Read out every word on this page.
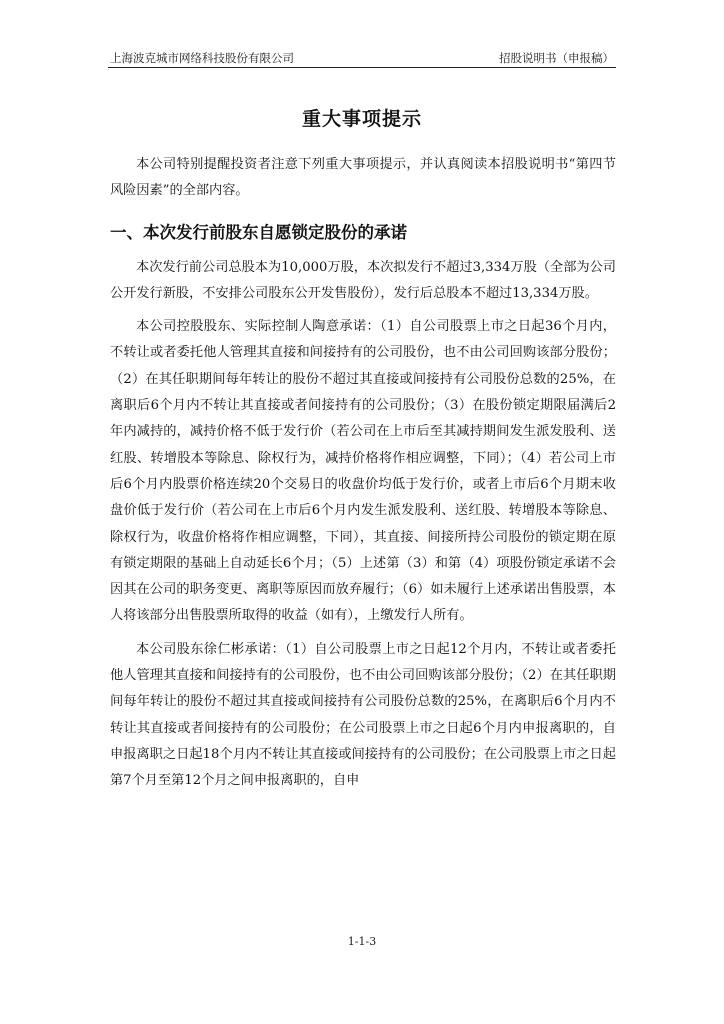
上海波克城市网络科技股份有限公司	招股说明书（申报稿）
重大事项提示

本公司特别提醒投资者注意下列重大事项提示，并认真阅读本招股说明书“第四节 风险因素”的全部内容。

一、本次发行前股东自愿锁定股份的承诺

本次发行前公司总股本为10,000万股，本次拟发行不超过3,334万股（全部为公司公开发行新股，不安排公司股东公开发售股份），发行后总股本不超过13,334万股。

本公司控股股东、实际控制人陶意承诺：（1）自公司股票上市之日起36个月内，不转让或者委托他人管理其直接和间接持有的公司股份，也不由公司回购该部分股份；（2）在其任职期间每年转让的股份不超过其直接或间接持有公司股份总数的25%，在离职后6个月内不转让其直接或者间接持有的公司股份；（3）在股份锁定期限届满后2年内减持的，减持价格不低于发行价（若公司在上市后至其减持期间发生派发股利、送红股、转增股本等除息、除权行为，减持价格将作相应调整，下同）；（4）若公司上市后6个月内股票价格连续20个交易日的收盘价均低于发行价，或者上市后6个月期末收盘价低于发行价（若公司在上市后6个月内发生派发股利、送红股、转增股本等除息、除权行为，收盘价格将作相应调整，下同），其直接、间接所持公司股份的锁定期在原有锁定期限的基础上自动延长6个月；（5）上述第（3）和第（4）项股份锁定承诺不会因其在公司的职务变更、离职等原因而放弃履行；（6）如未履行上述承诺出售股票，本人将该部分出售股票所取得的收益（如有），上缴发行人所有。

本公司股东徐仁彬承诺：（1）自公司股票上市之日起12个月内，不转让或者委托他人管理其直接和间接持有的公司股份，也不由公司回购该部分股份；（2）在其任职期间每年转让的股份不超过其直接或间接持有公司股份总数的25%，在离职后6个月内不转让其直接或者间接持有的公司股份；在公司股票上市之日起6个月内申报离职的，自申报离职之日起18个月内不转让其直接或间接持有的公司股份；在公司股票上市之日起第7个月至第12个月之间申报离职的，自申

1-1-3
